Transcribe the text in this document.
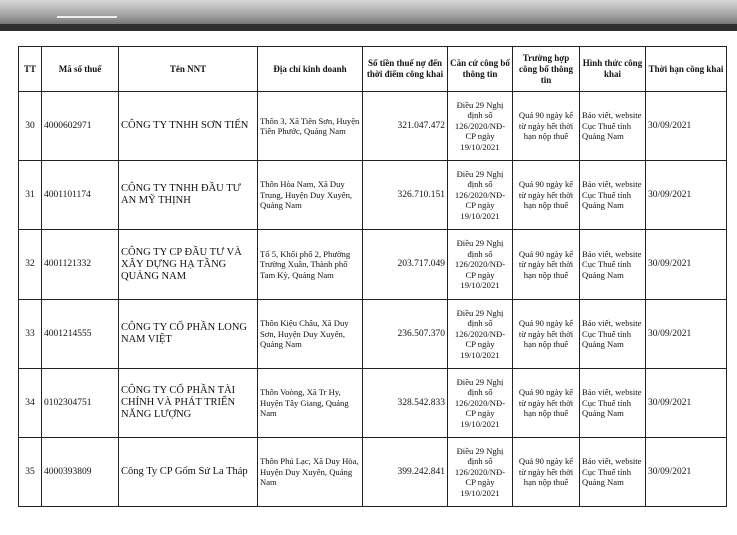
TT	Mã số thuế	Tên NNT	Địa chỉ kinh doanh	Số tiền thuế nợ đến thời điểm công khai	Căn cứ công bố thông tin	Trường hợp công bố thông tin	Hình thức công khai	Thời hạn công khai
30	4000602971	CÔNG TY TNHH SƠN TIẾN	Thôn 3, Xã Tiên Sơn, Huyện Tiên Phước, Quảng Nam	321.047.472	Điều 29 Nghị định số 126/2020/NĐ-CP ngày 19/10/2021	Quá 90 ngày kể từ ngày hết thời hạn nộp thuế	Báo viết, website Cục Thuế tỉnh Quảng Nam	30/09/2021
31	4001101174	CÔNG TY TNHH ĐẦU TƯ AN MỸ THỊNH	Thôn Hòa Nam, Xã Duy Trung, Huyện Duy Xuyên, Quảng Nam	326.710.151	Điều 29 Nghị định số 126/2020/NĐ-CP ngày 19/10/2021	Quá 90 ngày kể từ ngày hết thời hạn nộp thuế	Báo viết, website Cục Thuế tỉnh Quảng Nam	30/09/2021
32	4001121332	CÔNG TY CP ĐẦU TƯ VÀ XÂY DỰNG HẠ TẦNG QUẢNG NAM	Tổ 5, Khối phố 2, Phường Trường Xuân, Thành phố Tam Kỳ, Quảng Nam	203.717.049	Điều 29 Nghị định số 126/2020/NĐ-CP ngày 19/10/2021	Quá 90 ngày kể từ ngày hết thời hạn nộp thuế	Báo viết, website Cục Thuế tỉnh Quảng Nam	30/09/2021
33	4001214555	CÔNG TY CỔ PHẦN LONG NAM VIỆT	Thôn Kiệu Châu, Xã Duy Sơn, Huyện Duy Xuyên, Quảng Nam	236.507.370	Điều 29 Nghị định số 126/2020/NĐ-CP ngày 19/10/2021	Quá 90 ngày kể từ ngày hết thời hạn nộp thuế	Báo viết, website Cục Thuế tỉnh Quảng Nam	30/09/2021
34	0102304751	CÔNG TY CỔ PHẦN TÀI CHÍNH VÀ PHÁT TRIỂN NĂNG LƯỢNG	Thôn Voòng, Xã Tr Hy, Huyện Tây Giang, Quảng Nam	328.542.833	Điều 29 Nghị định số 126/2020/NĐ-CP ngày 19/10/2021	Quá 90 ngày kể từ ngày hết thời hạn nộp thuế	Báo viết, website Cục Thuế tỉnh Quảng Nam	30/09/2021
35	4000393809	Công Ty CP Gốm Sứ La Tháp	Thôn Phú Lạc, Xã Duy Hòa, Huyện Duy Xuyên, Quảng Nam	399.242.841	Điều 29 Nghị định số 126/2020/NĐ-CP ngày 19/10/2021	Quá 90 ngày kể từ ngày hết thời hạn nộp thuế	Báo viết, website Cục Thuế tỉnh Quảng Nam	30/09/2021
